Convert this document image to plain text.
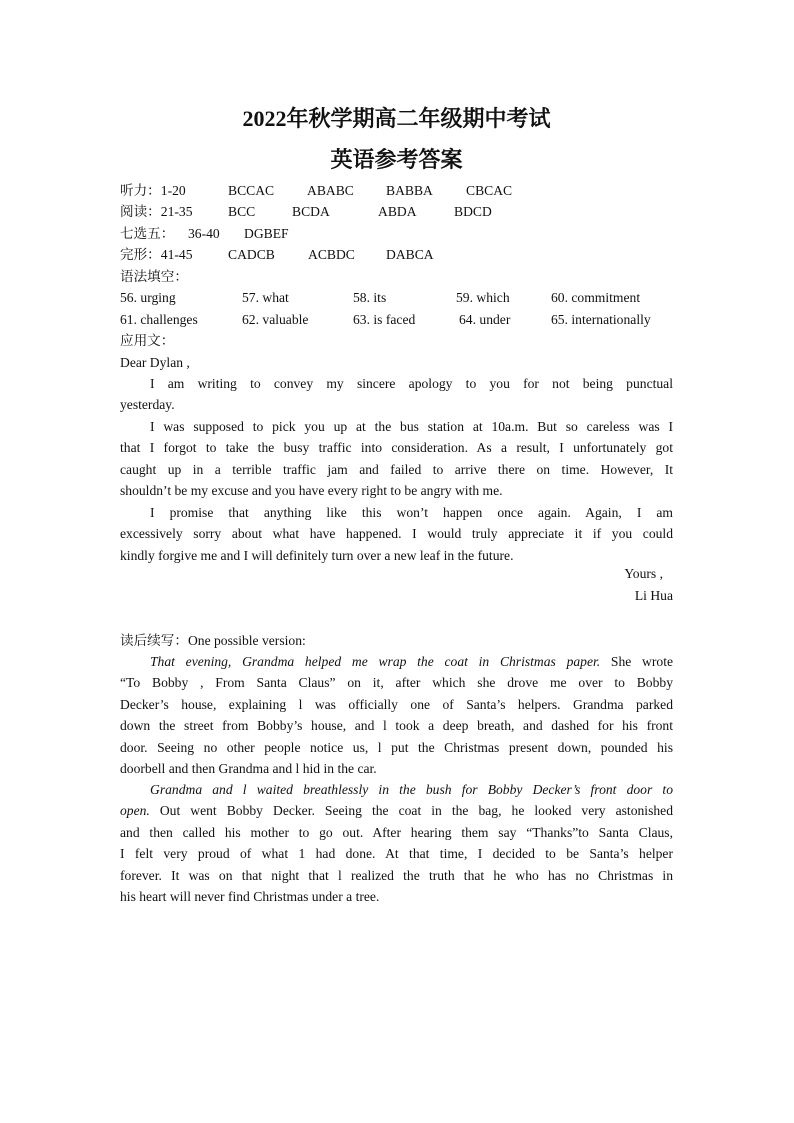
2022年秋学期高二年级期中考试
英语参考答案
听力：1-20	BCCAC ABABC BABBA CBCAC
阅读：21-35	BCC	BCDA	ABDA	BDCD
七选五： 36-40 DGBEF
完形：41-45	CADCB ACBDC DABCA
语法填空：
56. urging	57. what	58. its	59. which	60. commitment
61. challenges	62. valuable	63. is faced	64. under	65. internationally
应用文：
Dear Dylan ,
I am writing to convey my sincere apology to you for not being punctual
yesterday.
I was supposed to pick you up at the bus station at 10a.m. But so careless was I
that I forgot to take the busy traffic into consideration. As a result, I unfortunately got
caught up in a terrible traffic jam and failed to arrive there on time. However, It
shouldn’t be my excuse and you have every right to be angry with me.
I promise that anything like this won’t happen once again. Again, I am
excessively sorry about what have happened. I would truly appreciate it if you could
kindly forgive me and I will definitely turn over a new leaf in the future.
Yours ,
Li Hua
读后续写：One possible version:
That evening, Grandma helped me wrap the coat in Christmas paper. She wrote
“To Bobby , From Santa Claus” on it, after which she drove me over to Bobby
Decker’s house, explaining l was officially one of Santa’s helpers. Grandma parked
down the street from Bobby’s house, and l took a deep breath, and dashed for his front
door. Seeing no other people notice us, l put the Christmas present down, pounded his
doorbell and then Grandma and l hid in the car.
Grandma and l waited breathlessly in the bush for Bobby Decker’s front door to
open. Out went Bobby Decker. Seeing the coat in the bag, he looked very astonished
and then called his mother to go out. After hearing them say “Thanks”to Santa Claus,
I felt very proud of what 1 had done. At that time, I decided to be Santa’s helper
forever. It was on that night that l realized the truth that he who has no Christmas in
his heart will never find Christmas under a tree.
